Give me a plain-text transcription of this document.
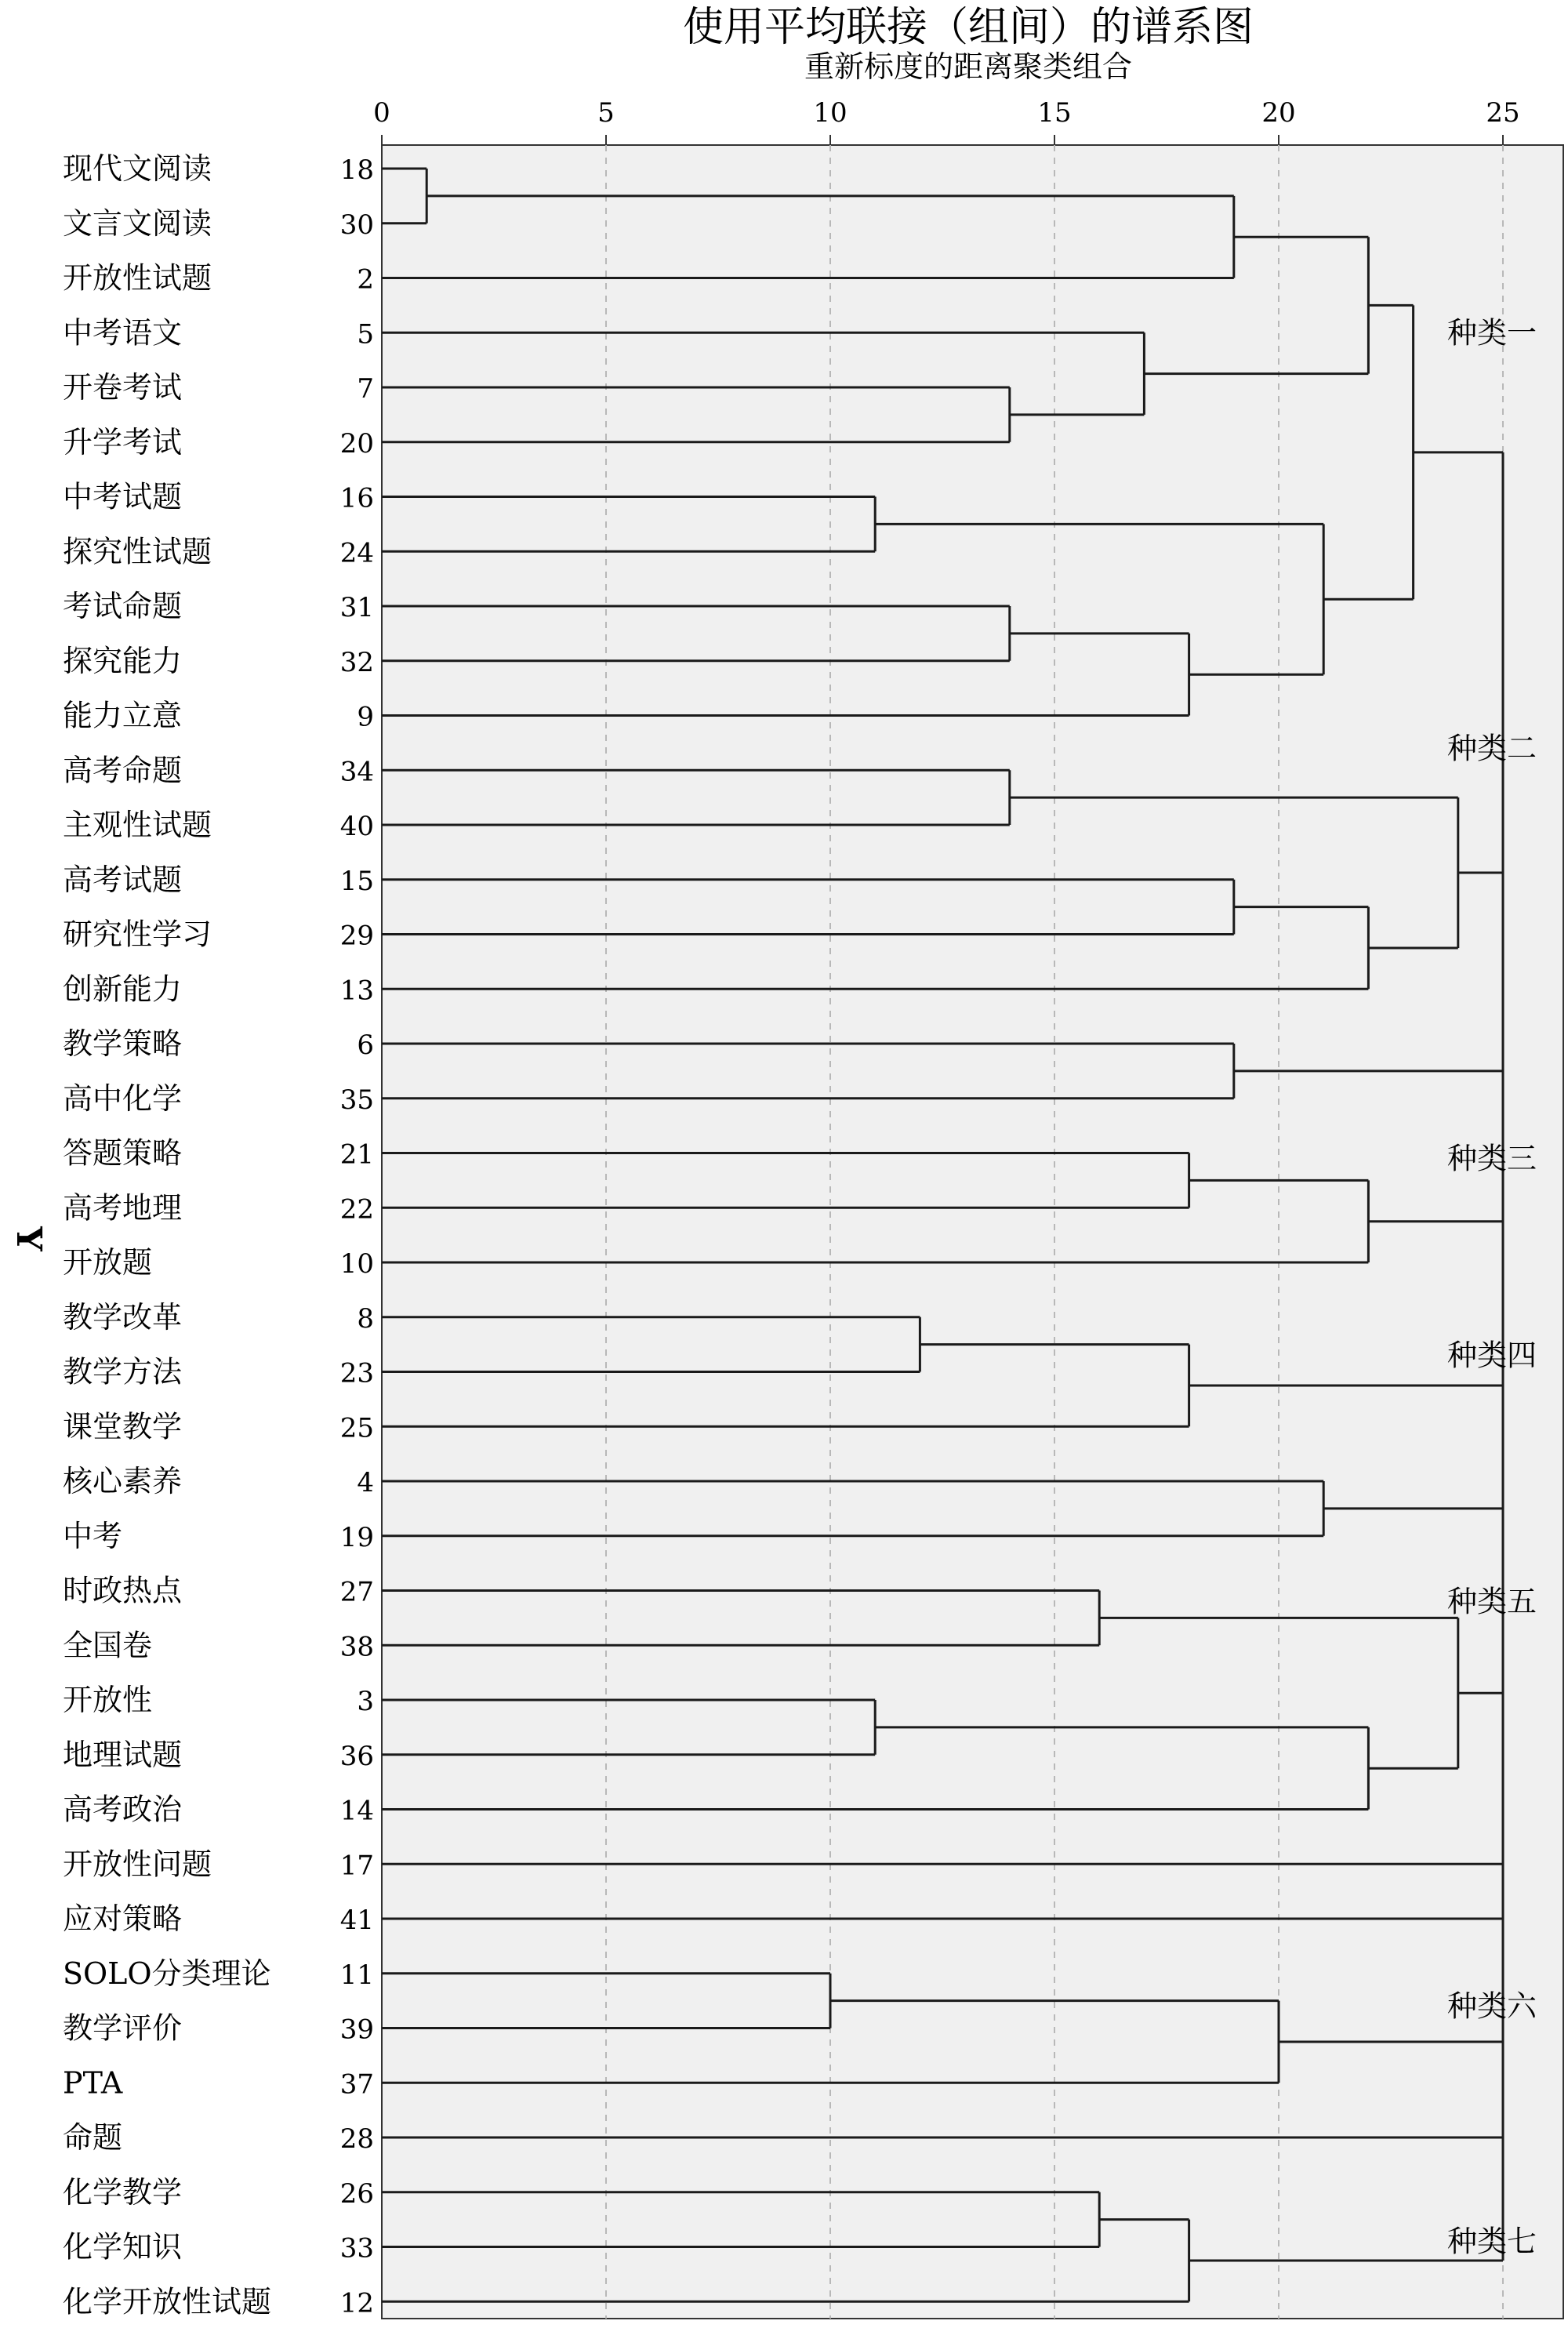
0	5	10	15	20	25
现代文阅读	18
文言文阅读	30
开放性试题	2
中考语文	5
开卷考试	7
升学考试	20
中考试题	16
探究性试题	24
考试命题	31
探究能力	32
能力立意	9
高考命题	34
主观性试题	40
高考试题	15
研究性学习	29
创新能力	13
教学策略	6
高中化学	35
答题策略	21
高考地理	22
开放题	10
教学改革	8
教学方法	23
课堂教学	25
核心素养	4
中考	19
时政热点	27
全国卷	38
开放性	3
地理试题	36
高考政治	14
开放性问题	17
应对策略	41
SOLO分类理论	11
教学评价	39
PTA	37
命题	28
化学教学	26
化学知识	33
化学开放性试题	12
种类一
种类二
种类三
种类四
种类五
种类六
种类七
使用平均联接（组间）的谱系图
重新标度的距离聚类组合
Y
